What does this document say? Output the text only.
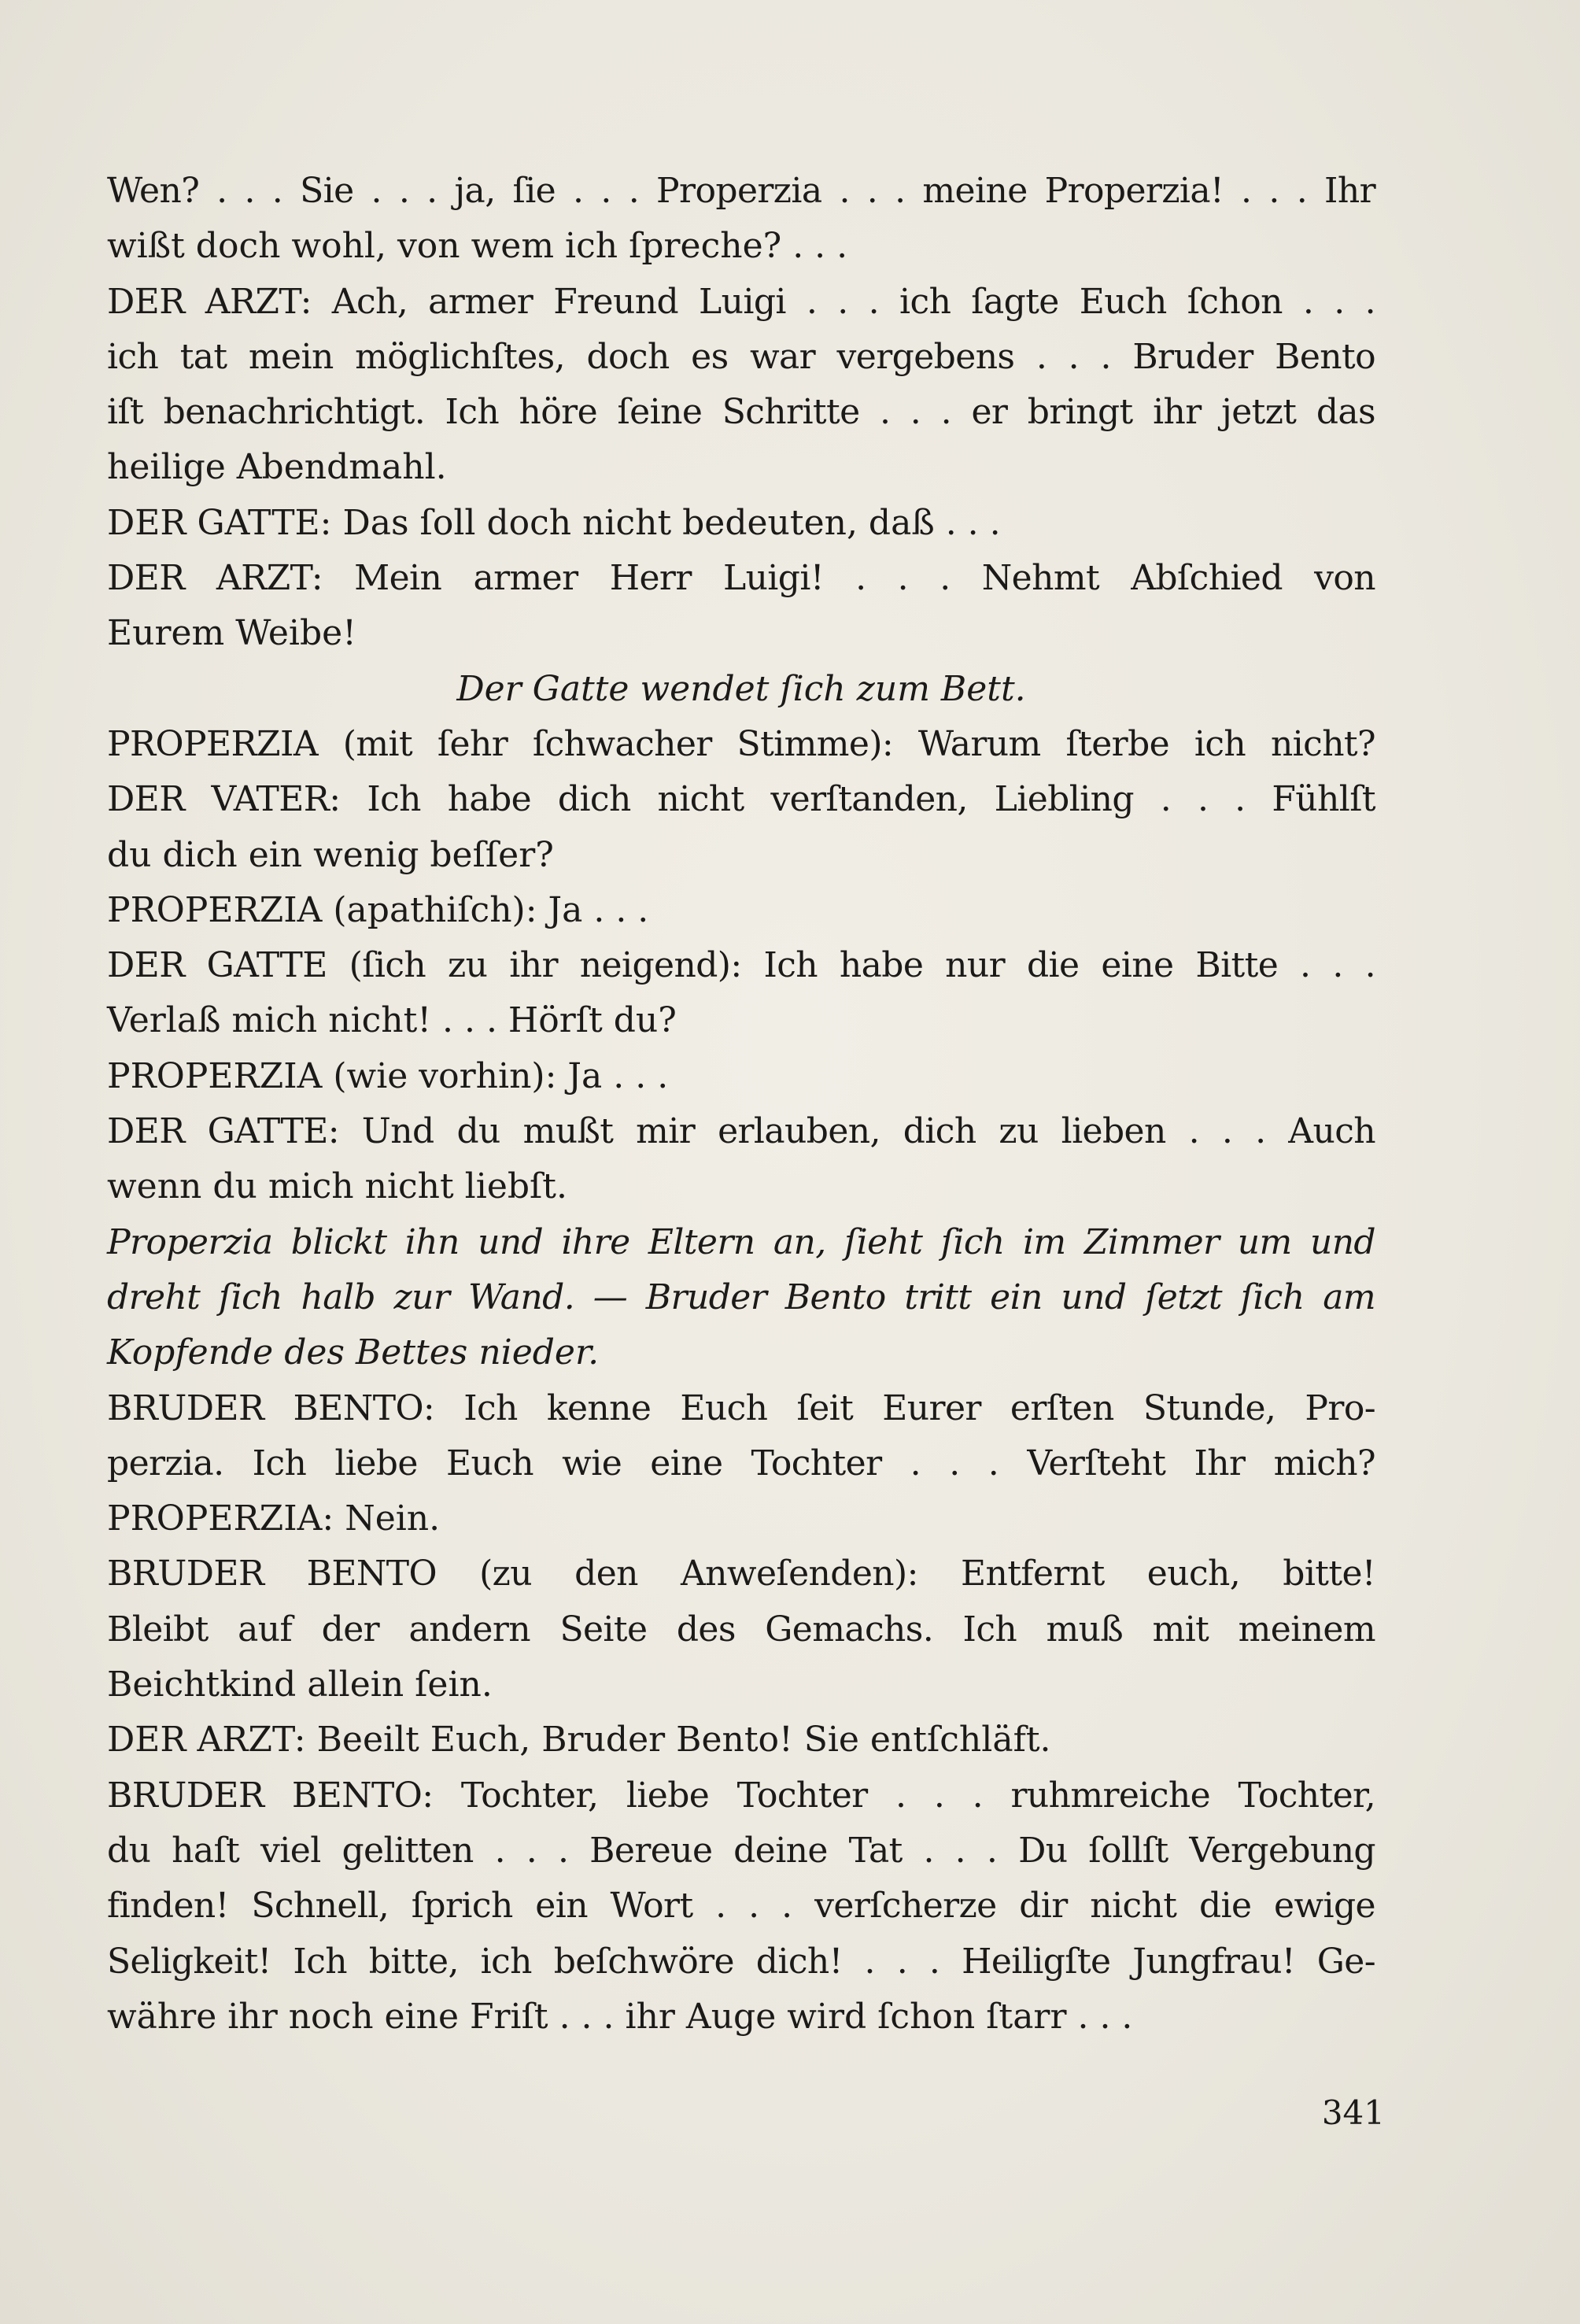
Wen? . . . Sie . . . ja, ſie . . . Properzia . . . meine Properzia! . . . Ihr
wißt doch wohl, von wem ich ſpreche? . . .
DER ARZT: Ach, armer Freund Luigi . . . ich ſagte Euch ſchon . . .
ich tat mein möglichſtes, doch es war vergebens . . . Bruder Bento
iſt benachrichtigt. Ich höre ſeine Schritte . . . er bringt ihr jetzt das
heilige Abendmahl.
DER GATTE: Das ſoll doch nicht bedeuten, daß . . .
DER ARZT: Mein armer Herr Luigi! . . . Nehmt Abſchied von
Eurem Weibe!
Der Gatte wendet ſich zum Bett.
PROPERZIA (mit ſehr ſchwacher Stimme): Warum ſterbe ich nicht?
DER VATER: Ich habe dich nicht verſtanden, Liebling . . . Fühlſt
du dich ein wenig beſſer?
PROPERZIA (apathiſch): Ja . . .
DER GATTE (ſich zu ihr neigend): Ich habe nur die eine Bitte . . .
Verlaß mich nicht! . . . Hörſt du?
PROPERZIA (wie vorhin): Ja . . .
DER GATTE: Und du mußt mir erlauben, dich zu lieben . . . Auch
wenn du mich nicht liebſt.
Properzia blickt ihn und ihre Eltern an, ſieht ſich im Zimmer um und
dreht ſich halb zur Wand. — Bruder Bento tritt ein und ſetzt ſich am
Kopfende des Bettes nieder.
BRUDER BENTO: Ich kenne Euch ſeit Eurer erſten Stunde, Pro-
perzia. Ich liebe Euch wie eine Tochter . . . Verſteht Ihr mich?
PROPERZIA: Nein.
BRUDER BENTO (zu den Anweſenden): Entfernt euch, bitte!
Bleibt auf der andern Seite des Gemachs. Ich muß mit meinem
Beichtkind allein ſein.
DER ARZT: Beeilt Euch, Bruder Bento! Sie entſchläft.
BRUDER BENTO: Tochter, liebe Tochter . . . ruhmreiche Tochter,
du haſt viel gelitten . . . Bereue deine Tat . . . Du ſollſt Vergebung
finden! Schnell, ſprich ein Wort . . . verſcherze dir nicht die ewige
Seligkeit! Ich bitte, ich beſchwöre dich! . . . Heiligſte Jungfrau! Ge-
währe ihr noch eine Friſt . . . ihr Auge wird ſchon ſtarr . . .
341
